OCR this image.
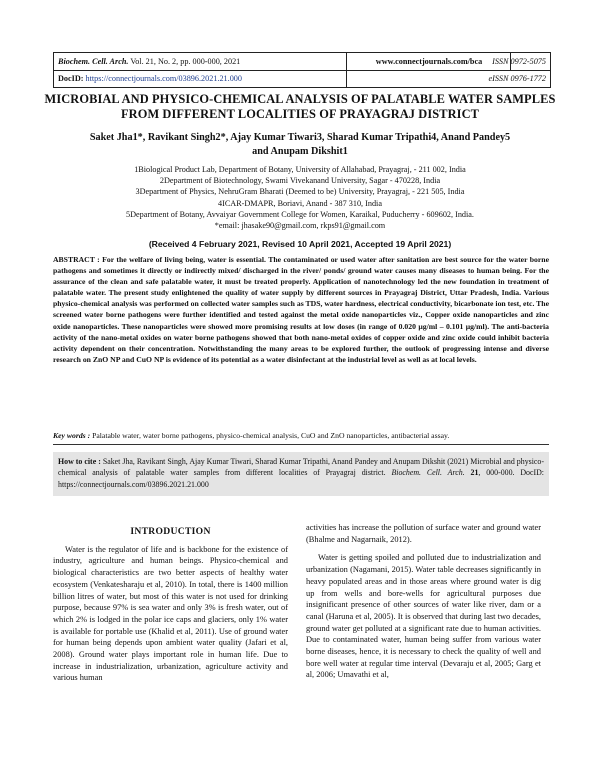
Biochem. Cell. Arch. Vol. 21, No. 2, pp. 000-000, 2021	www.connectjournals.com/bca	ISSN 0972-5075
DocID: https://connectjournals.com/03896.2021.21.000	eISSN 0976-1772
MICROBIAL AND PHYSICO-CHEMICAL ANALYSIS OF PALATABLE WATER SAMPLES FROM DIFFERENT LOCALITIES OF PRAYAGRAJ DISTRICT
Saket Jha1*, Ravikant Singh2*, Ajay Kumar Tiwari3, Sharad Kumar Tripathi4, Anand Pandey5
and Anupam Dikshit1
1Biological Product Lab, Department of Botany, University of Allahabad, Prayagraj, - 211 002, India
2Department of Biotechnology, Swami Vivekanand University, Sagar - 470228, India
3Department of Physics, NehruGram Bharati (Deemed to be) University, Prayagraj, - 221 505, India
4ICAR-DMAPR, Boriavi, Anand - 387 310, India
5Department of Botany, Avvaiyar Government College for Women, Karaikal, Puducherry - 609602, India.
*email: jhasake90@gmail.com, rkps91@gmail.com
(Received 4 February 2021, Revised 10 April 2021, Accepted 19 April 2021)
ABSTRACT : For the welfare of living being, water is essential. The contaminated or used water after sanitation are best source for the water borne pathogens and sometimes it directly or indirectly mixed/ discharged in the river/ ponds/ ground water causes many diseases to human being. For the assurance of the clean and safe palatable water, it must be treated properly. Application of nanotechnology led the new foundation in treatment of palatable water. The present study enlightened the quality of water supply by different sources in Prayagraj District, Uttar Pradesh, India. Various physico-chemical analysis was performed on collected water samples such as TDS, water hardness, electrical conductivity, bicarbonate ion test, etc. The screened water borne pathogens were further identified and tested against the metal oxide nanoparticles viz., Copper oxide nanoparticles and zinc oxide nanoparticles. These nanoparticles were showed more promising results at low doses (in range of 0.020 μg/ml – 0.101 μg/ml). The anti-bacteria activity of the nano-metal oxides on water borne pathogens showed that both nano-metal oxides of copper oxide and zinc oxide could inhibit bacteria activity dependent on their concentration. Notwithstanding the many areas to be explored further, the outlook of progressing intense and diverse research on ZnO NP and CuO NP is evidence of its potential as a water disinfectant at the industrial level as well as at local levels.
Key words : Palatable water, water borne pathogens, physico-chemical analysis, CuO and ZnO nanoparticles, antibacterial assay.
How to cite : Saket Jha, Ravikant Singh, Ajay Kumar Tiwari, Sharad Kumar Tripathi, Anand Pandey and Anupam Dikshit (2021) Microbial and physico-chemical analysis of palatable water samples from different localities of Prayagraj district. Biochem. Cell. Arch. 21, 000-000. DocID: https://connectjournals.com/03896.2021.21.000
INTRODUCTION

Water is the regulator of life and is backbone for the existence of industry, agriculture and human beings. Physico-chemical and biological characteristics are two better aspects of healthy water ecosystem (Venkatesharaju et al, 2010). In total, there is 1400 million billion litres of water, but most of this water is not used for drinking purpose, because 97% is sea water and only 3% is fresh water, out of which 2% is lodged in the polar ice caps and glaciers, only 1% water is available for portable use (Khalid et al, 2011). Use of ground water for human being depends upon ambient water quality (Jafari et al, 2008). Ground water plays important role in human life. Due to increase in industrialization, urbanization, agriculture activity and various human

activities has increase the pollution of surface water and ground water (Bhalme and Nagarnaik, 2012).

Water is getting spoiled and polluted due to industrialization and urbanization (Nagamani, 2015). Water table decreases significantly in heavy populated areas and in those areas where ground water is dig up from wells and bore-wells for agricultural purposes due insignificant presence of other sources of water like river, dam or a canal (Haruna et al, 2005). It is observed that during last two decades, ground water get polluted at a significant rate due to human activities. Due to contaminated water, human being suffer from various water borne diseases, hence, it is necessary to check the quality of well and bore well water at regular time interval (Devaraju et al, 2005; Garg et al, 2006; Umavathi et al,
